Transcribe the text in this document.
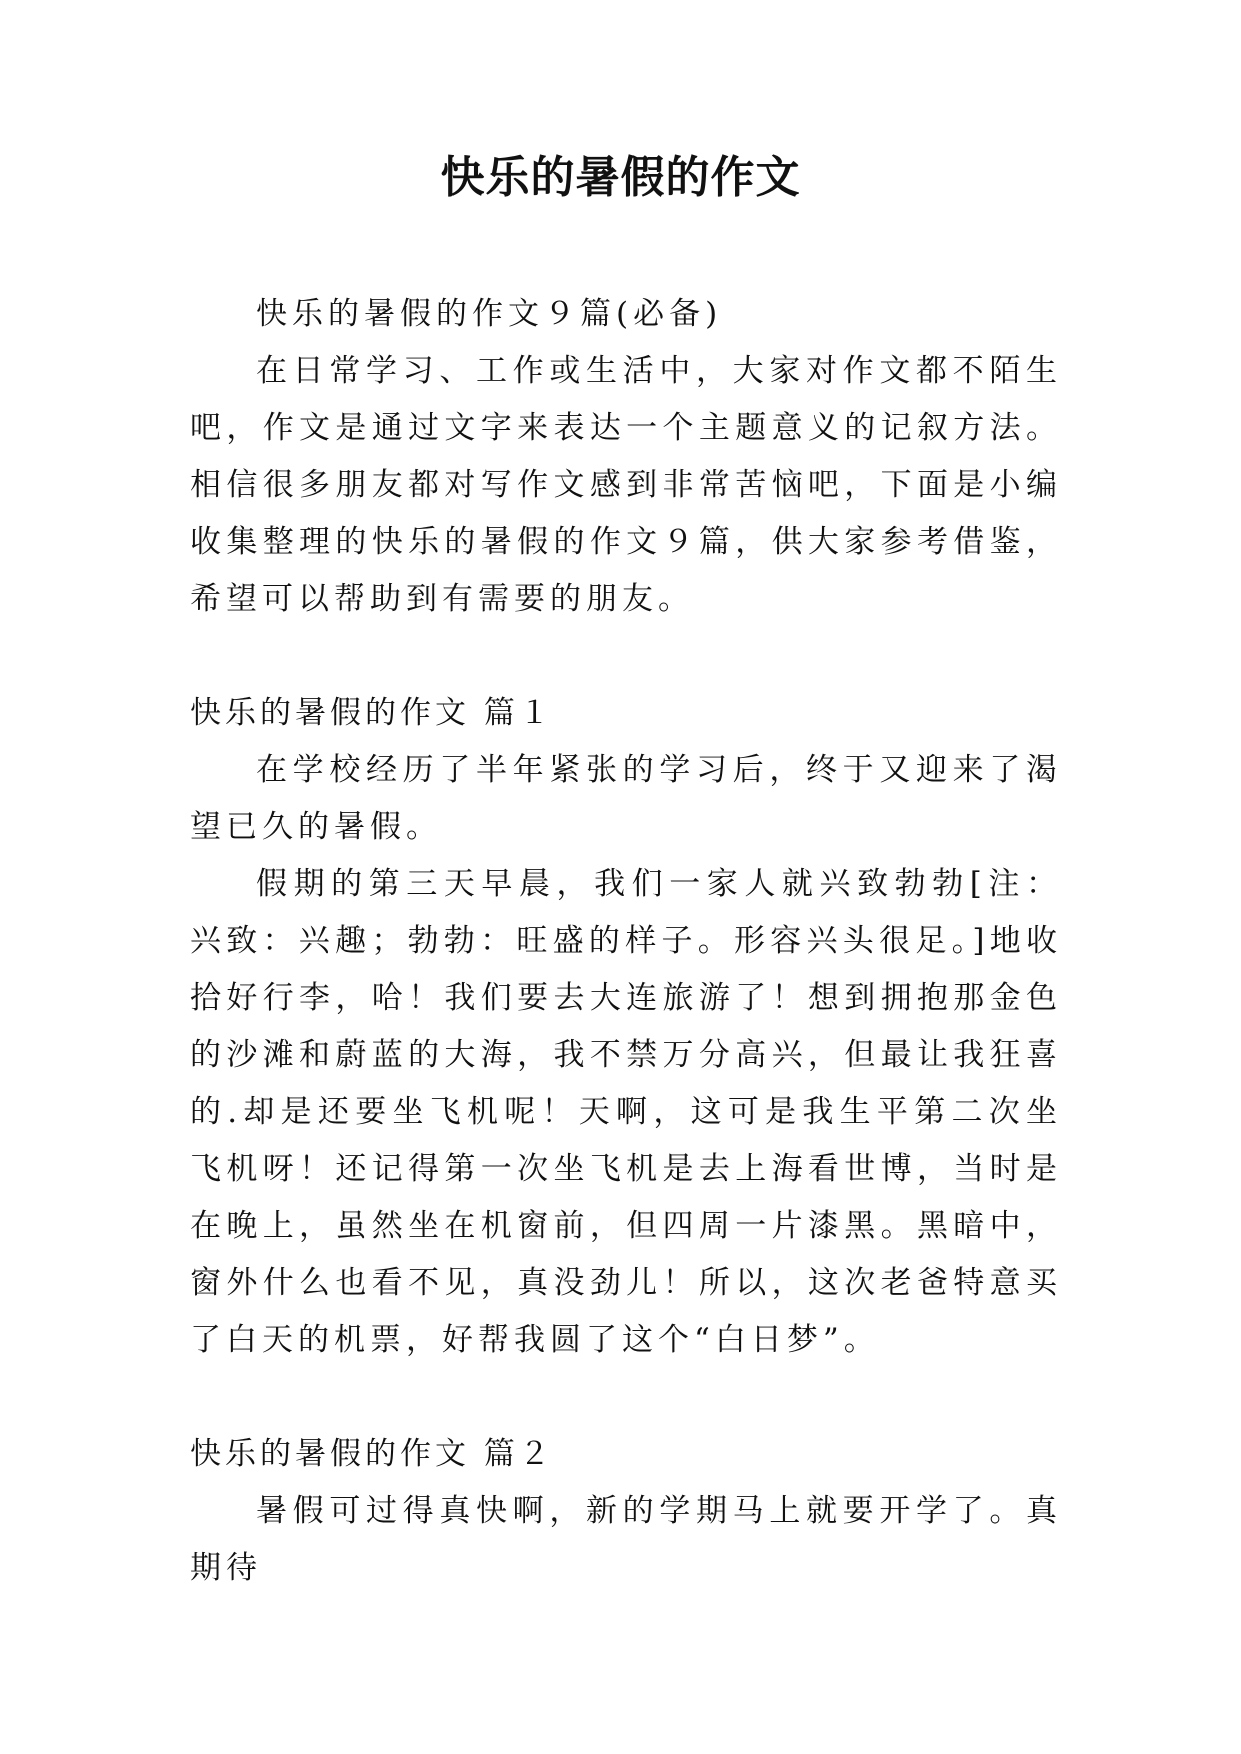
快乐的暑假的作文

快乐的暑假的作文９篇(必备)

在日常学习、工作或生活中，大家对作文都不陌生吧，作文是通过文字来表达一个主题意义的记叙方法。相信很多朋友都对写作文感到非常苦恼吧，下面是小编收集整理的快乐的暑假的作文９篇，供大家参考借鉴，希望可以帮助到有需要的朋友。

快乐的暑假的作文 篇１

在学校经历了半年紧张的学习后，终于又迎来了渴望已久的暑假。

假期的第三天早晨，我们一家人就兴致勃勃[注：兴致：兴趣；勃勃：旺盛的样子。形容兴头很足。]地收拾好行李，哈！我们要去大连旅游了！想到拥抱那金色的沙滩和蔚蓝的大海，我不禁万分高兴，但最让我狂喜的.却是还要坐飞机呢！天啊，这可是我生平第二次坐飞机呀！还记得第一次坐飞机是去上海看世博，当时是在晚上，虽然坐在机窗前，但四周一片漆黑。黑暗中，窗外什么也看不见，真没劲儿！所以，这次老爸特意买了白天的机票，好帮我圆了这个“白日梦”。

快乐的暑假的作文 篇２

暑假可过得真快啊，新的学期马上就要开学了。真期待
